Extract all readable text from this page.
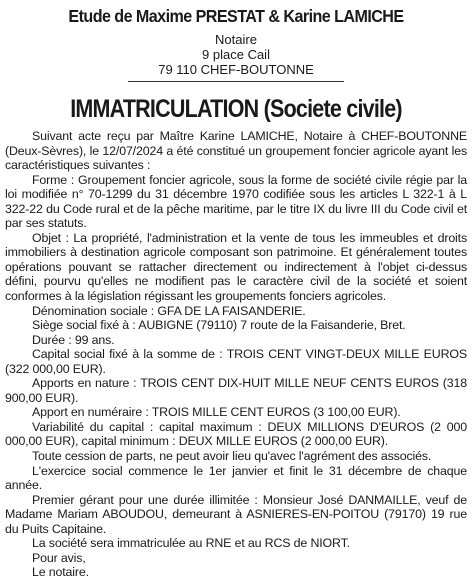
Etude de Maxime PRESTAT & Karine LAMICHE
Notaire
9 place Cail
79 110 CHEF-BOUTONNE
IMMATRICULATION (Societe civile)

Suivant acte reçu par Maître Karine LAMICHE, Notaire à CHEF-BOUTONNE (Deux-Sèvres), le 12/07/2024 a été constitué un groupement foncier agricole ayant les caractéristiques suivantes :

Forme : Groupement foncier agricole, sous la forme de société civile régie par la loi modifiée n° 70-1299 du 31 décembre 1970 codifiée sous les articles L 322-1 à L 322-22 du Code rural et de la pêche maritime, par le titre IX du livre III du Code civil et par ses statuts.

Objet : La propriété, l'administration et la vente de tous les immeubles et droits immobiliers à destination agricole composant son patrimoine. Et généralement toutes opérations pouvant se rattacher directement ou indirectement à l'objet ci-dessus défini, pourvu qu'elles ne modifient pas le caractère civil de la société et soient conformes à la législation régissant les groupements fonciers agricoles.

Dénomination sociale : GFA DE LA FAISANDERIE.

Siège social fixé à : AUBIGNE (79110) 7 route de la Faisanderie, Bret.

Durée : 99 ans.

Capital social fixé à la somme de : TROIS CENT VINGT-DEUX MILLE EUROS (322 000,00 EUR).

Apports en nature : TROIS CENT DIX-HUIT MILLE NEUF CENTS EUROS (318 900,00 EUR).

Apport en numéraire : TROIS MILLE CENT EUROS (3 100,00 EUR).

Variabilité du capital : capital maximum : DEUX MILLIONS D'EUROS (2 000 000,00 EUR), capital minimum : DEUX MILLE EUROS (2 000,00 EUR).

Toute cession de parts, ne peut avoir lieu qu'avec l'agrément des associés.

L'exercice social commence le 1er janvier et finit le 31 décembre de chaque année.

Premier gérant pour une durée illimitée : Monsieur José DANMAILLE, veuf de Madame Mariam ABOUDOU, demeurant à ASNIERES-EN-POITOU (79170) 19 rue du Puits Capitaine.

La société sera immatriculée au RNE et au RCS de NIORT.

Pour avis,

Le notaire.
